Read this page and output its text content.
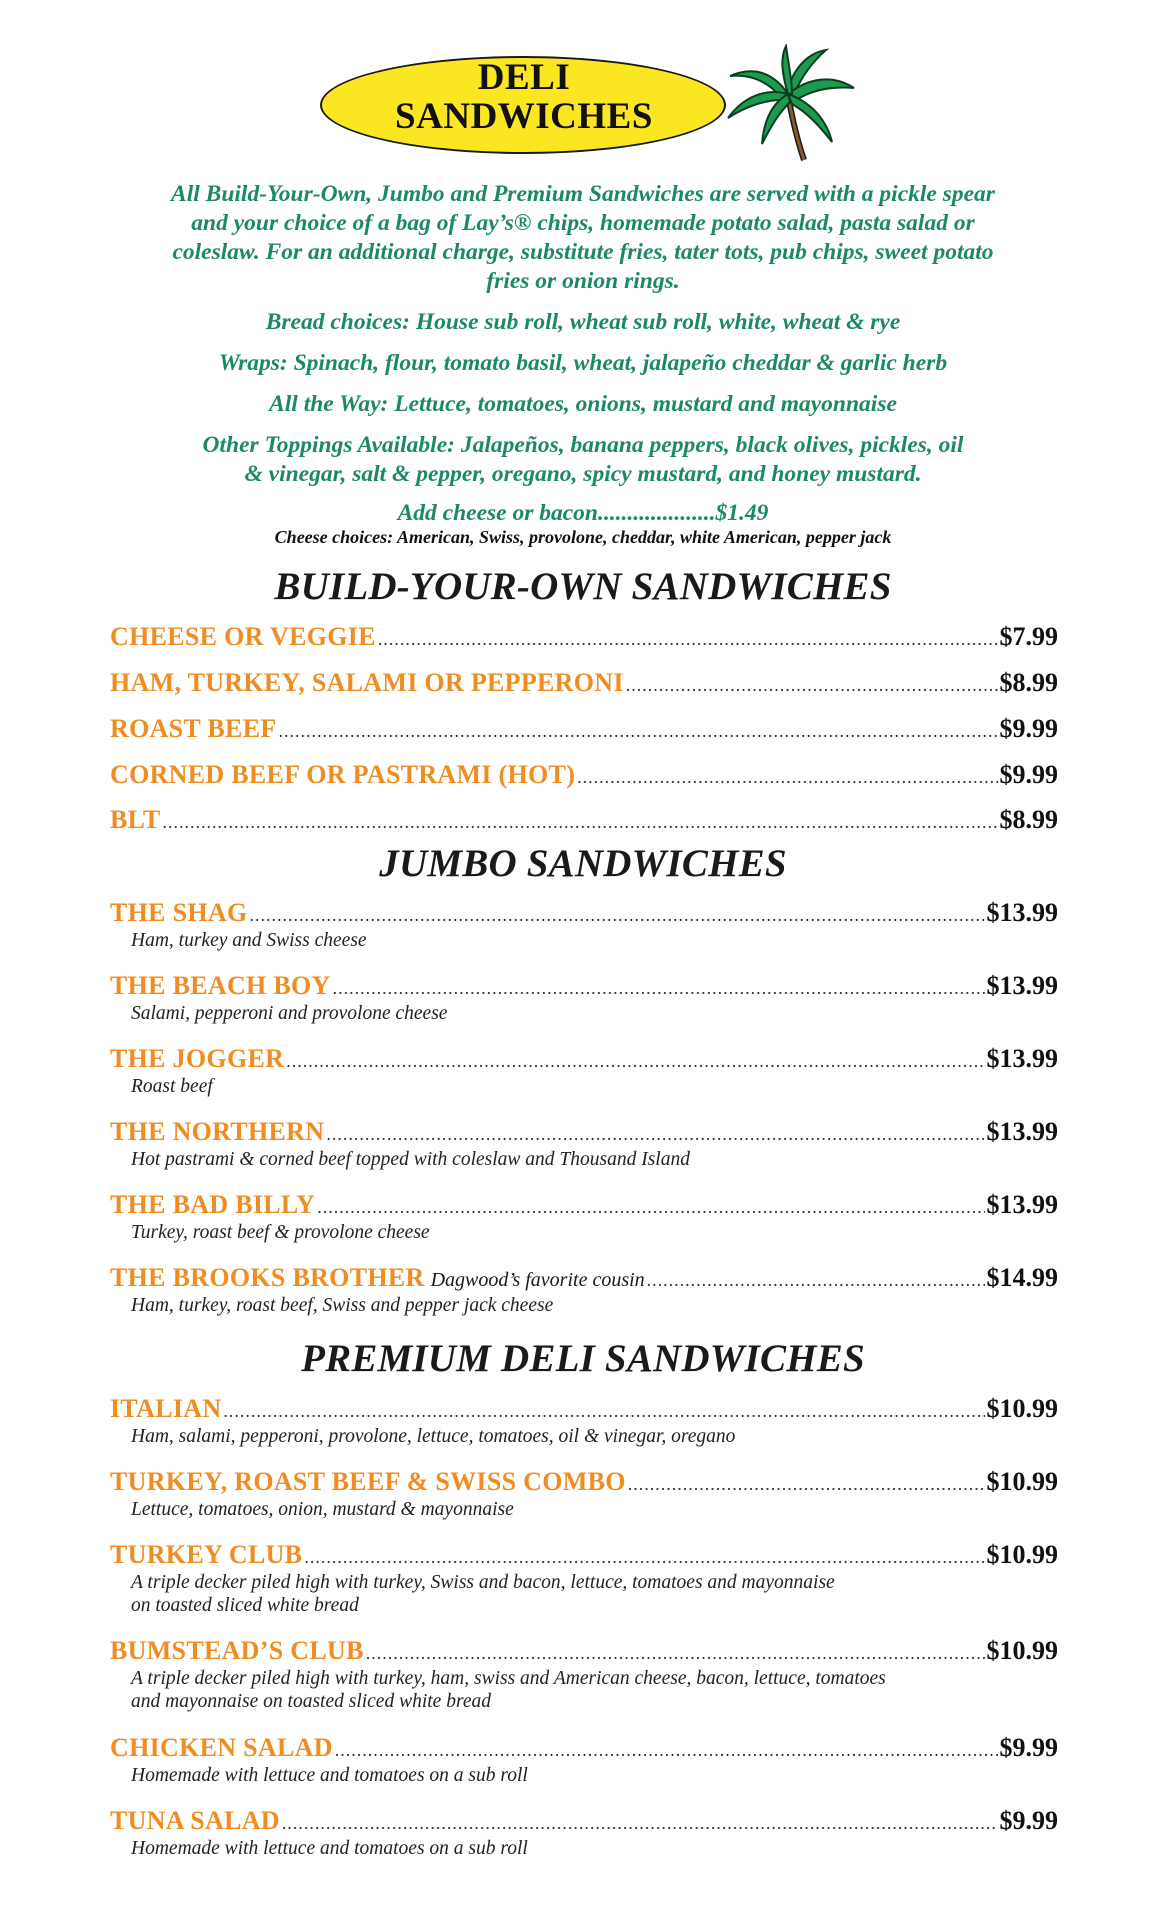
DELI
SANDWICHES

All Build-Your-Own, Jumbo and Premium Sandwiches are served with a pickle spear and your choice of a bag of Lay’s® chips, homemade potato salad, pasta salad or coleslaw. For an additional charge, substitute fries, tater tots, pub chips, sweet potato fries or onion rings.

Bread choices: House sub roll, wheat sub roll, white, wheat & rye

Wraps: Spinach, flour, tomato basil, wheat, jalapeño cheddar & garlic herb

All the Way: Lettuce, tomatoes, onions, mustard and mayonnaise

Other Toppings Available: Jalapeños, banana peppers, black olives, pickles, oil & vinegar, salt & pepper, oregano, spicy mustard, and honey mustard.

Add cheese or bacon....................$1.49

Cheese choices: American, Swiss, provolone, cheddar, white American, pepper jack
BUILD-YOUR-OWN SANDWICHES
CHEESE OR VEGGIE .....	$7.99
HAM, TURKEY, SALAMI OR PEPPERONI .....	$8.99
ROAST BEEF .....	$9.99
CORNED BEEF OR PASTRAMI (HOT) .....	$9.99
BLT .....	$8.99
JUMBO SANDWICHES
THE SHAG .....	$13.99
Ham, turkey and Swiss cheese
THE BEACH BOY .....	$13.99
Salami, pepperoni and provolone cheese
THE JOGGER .....	$13.99
Roast beef
THE NORTHERN .....	$13.99
Hot pastrami & corned beef topped with coleslaw and Thousand Island
THE BAD BILLY .....	$13.99
Turkey, roast beef & provolone cheese
THE BROOKS BROTHER Dagwood’s favorite cousin .....	$14.99
Ham, turkey, roast beef, Swiss and pepper jack cheese
PREMIUM DELI SANDWICHES
ITALIAN .....	$10.99
Ham, salami, pepperoni, provolone, lettuce, tomatoes, oil & vinegar, oregano
TURKEY, ROAST BEEF & SWISS COMBO .....	$10.99
Lettuce, tomatoes, onion, mustard & mayonnaise
TURKEY CLUB .....	$10.99
A triple decker piled high with turkey, Swiss and bacon, lettuce, tomatoes and mayonnaise
on toasted sliced white bread
BUMSTEAD’S CLUB .....	$10.99
A triple decker piled high with turkey, ham, swiss and American cheese, bacon, lettuce, tomatoes
and mayonnaise on toasted sliced white bread
CHICKEN SALAD .....	$9.99
Homemade with lettuce and tomatoes on a sub roll
TUNA SALAD .....	$9.99
Homemade with lettuce and tomatoes on a sub roll
